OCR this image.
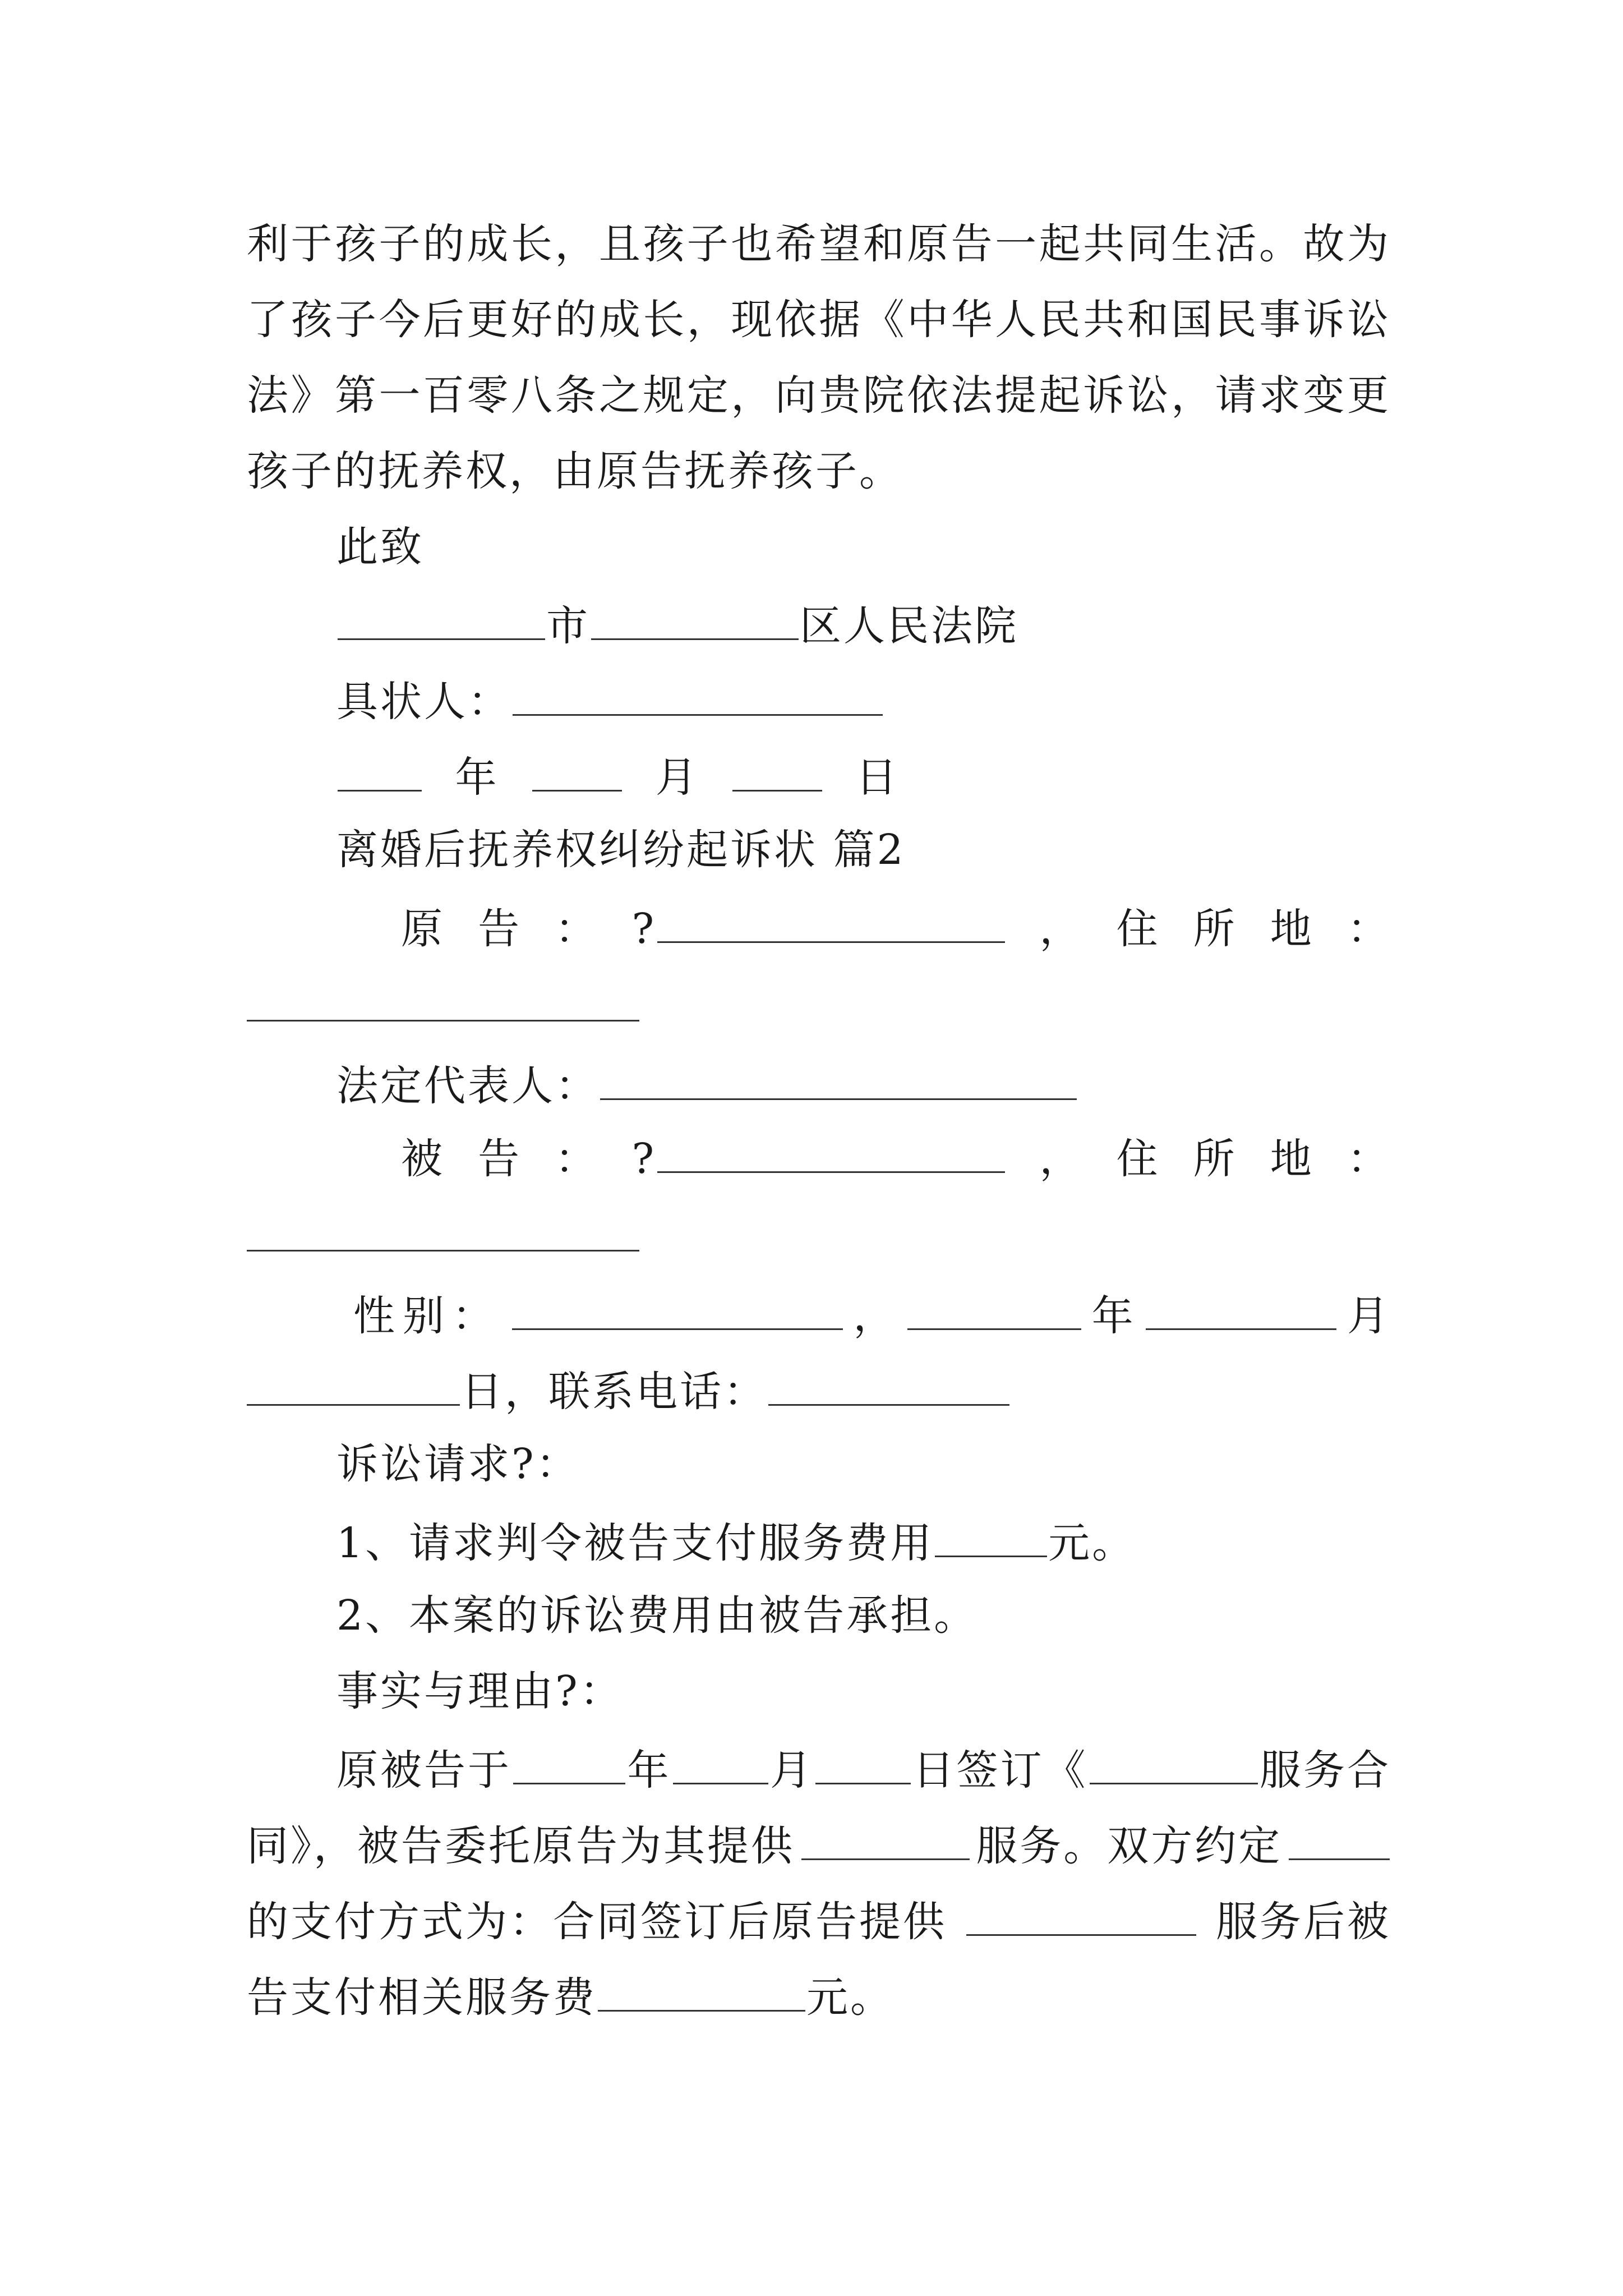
利于孩子的成长，且孩子也希望和原告一起共同生活。故为
了孩子今后更好的成长，现依据《中华人民共和国民事诉讼
法》第一百零八条之规定，向贵院依法提起诉讼，请求变更
孩子的抚养权，由原告抚养孩子。
此致
市	区人民法院
具状人：
年	月	日
离婚后抚养权纠纷起诉状 篇2
原 告 ： ?	， 住 所 地 ：
法定代表人：
被 告 ： ?	， 住 所 地 ：
性别：	，	年	月
日，联系电话：
诉讼请求?：
1、请求判令被告支付服务费用	元。
2、本案的诉讼费用由被告承担。
事实与理由?：
原被告于	年 月 日签订《	服务合
同》，被告委托原告为其提供	服务。双方约定
的支付方式为：合同签订后原告提供	服务后被
告支付相关服务费	元。
